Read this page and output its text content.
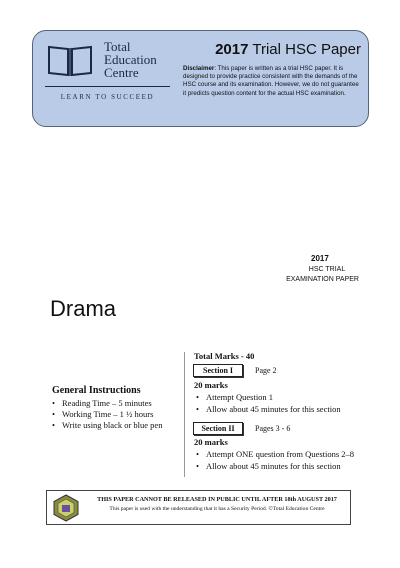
Total
Education
Centre
LEARN TO SUCCEED
2017 Trial HSC Paper
Disclaimer: This paper is written as a trial HSC paper. It is designed to provide practice consistent with the demands of the HSC course and its examination. However, we do not guarantee it predicts question content for the actual HSC examination.
2017
HSC TRIAL
EXAMINATION PAPER
Drama
General Instructions
• Reading Time – 5 minutes
• Working Time – 1 ½ hours
• Write using black or blue pen
Total Marks - 40
Section I	Page 2
20 marks
• Attempt Question 1
• Allow about 45 minutes for this section
Section II	Pages 3 - 6
20 marks
• Attempt ONE question from Questions 2–8
• Allow about 45 minutes for this section
THIS PAPER CANNOT BE RELEASED IN PUBLIC UNTIL AFTER 18th AUGUST 2017
This paper is used with the understanding that it has a Security Period. ©Total Education Centre
